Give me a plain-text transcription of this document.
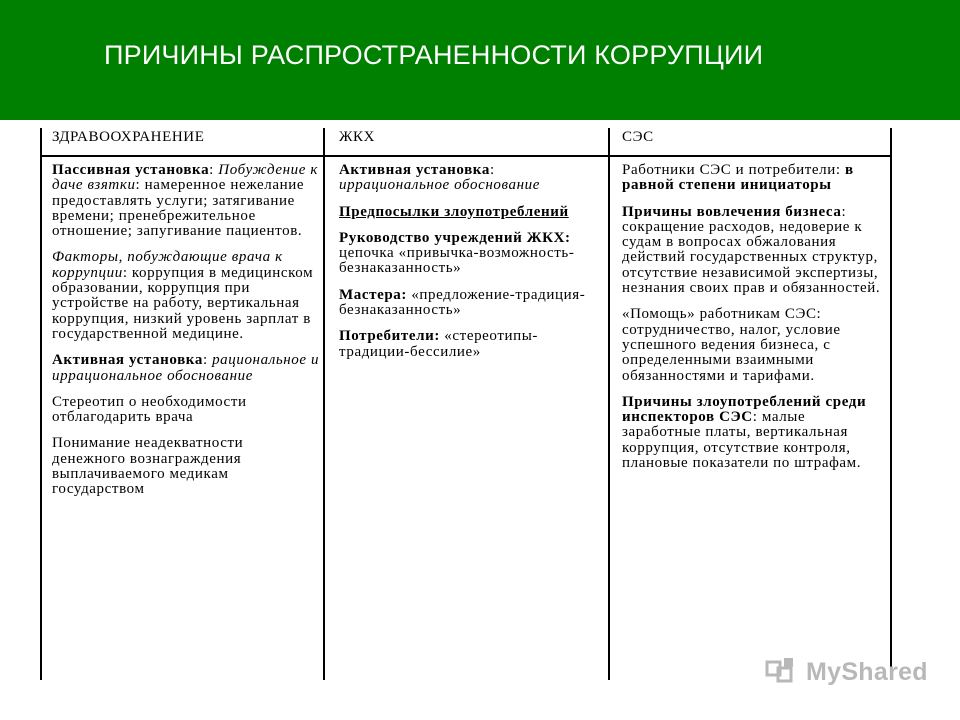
ПРИЧИНЫ РАСПРОСТРАНЕННОСТИ КОРРУПЦИИ
ЗДРАВООХРАНЕНИЕ

Пассивная установка: Побуждение к даче взятки: намеренное нежелание предоставлять услуги; затягивание времени; пренебрежительное отношение; запугивание пациентов.

Факторы, побуждающие врача к коррупции: коррупция в медицинском образовании, коррупция при устройстве на работу, вертикальная коррупция, низкий уровень зарплат в государственной медицине.

Активная установка: рациональное и иррациональное обоснование

Стереотип о необходимости отблагодарить врача

Понимание неадекватности денежного вознаграждения выплачиваемого медикам государством

ЖКХ

Активная установка: иррациональное обоснование

Предпосылки злоупотреблений

Руководство учреждений ЖКХ: цепочка «привычка-возможность-безнаказанность»

Мастера: «предложение-традиция-безнаказанность»

Потребители: «стереотипы-традиции-бесcилие»

СЭС

Работники СЭС и потребители: в равной степени инициаторы

Причины вовлечения бизнеса: сокращение расходов, недоверие к судам в вопросах обжалования действий государственных структур, отсутствие независимой экспертизы, незнания своих прав и обязанностей.

«Помощь» работникам СЭС: сотрудничество, налог, условие успешного ведения бизнеса, с определенными взаимными обязанностями и тарифами.

Причины злоупотреблений среди инспекторов СЭС: малые заработные платы, вертикальная коррупция, отсутствие контроля, плановые показатели по штрафам.

MyShared
